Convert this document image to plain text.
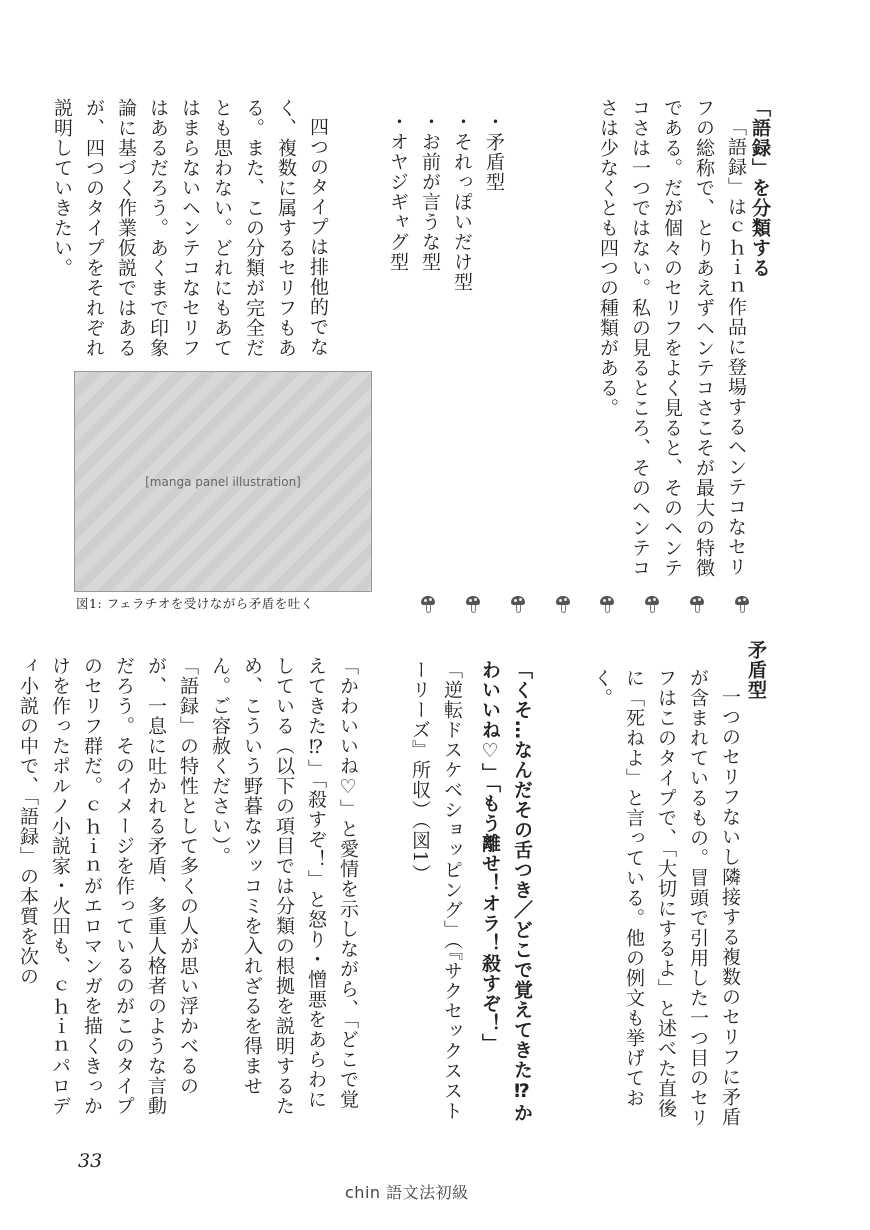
「語録」を分類する

「語録」はｃｈｉｎ作品に登場するヘンテコなセリフの総称で、とりあえずヘンテコさこそが最大の特徴である。だが個々のセリフをよく見ると、そのヘンテコさは一つではない。私の見るところ、そのヘンテコさは少なくとも四つの種類がある。

・矛盾型

・それっぽいだけ型

・お前が言うな型

・オヤジギャグ型

四つのタイプは排他的でなく、複数に属するセリフもある。また、この分類が完全だとも思わない。どれにもあてはまらないヘンテコなセリフはあるだろう。あくまで印象論に基づく作業仮説ではあるが、四つのタイプをそれぞれ説明していきたい。

[manga panel illustration]
図1: フェラチオを受けながら矛盾を吐く
矛盾型

一つのセリフないし隣接する複数のセリフに矛盾が含まれているもの。冒頭で引用した一つ目のセリフはこのタイプで、「大切にするよ」と述べた直後に「死ねよ」と言っている。他の例文も挙げておく。

「くそ…なんだその舌つき／どこで覚えてきた⁉かわいいね♡」「もう離せ！オラ！殺すぞ！」

「逆転ドスケベショッピング」（『サクセックスストーリーズ』所収）（図1）

「かわいいね♡」と愛情を示しながら、「どこで覚えてきた⁉」「殺すぞ！」と怒り・憎悪をあらわにしている（以下の項目では分類の根拠を説明するため、こういう野暮なツッコミを入れざるを得ません。ご容赦ください）。

「語録」の特性として多くの人が思い浮かべるのが、一息に吐かれる矛盾、多重人格者のような言動だろう。そのイメージを作っているのがこのタイプのセリフ群だ。ｃｈｉｎがエロマンガを描くきっかけを作ったポルノ小説家・火田も、ｃｈｉｎパロディ小説の中で、「語録」の本質を次の

33
chin 語文法初級
